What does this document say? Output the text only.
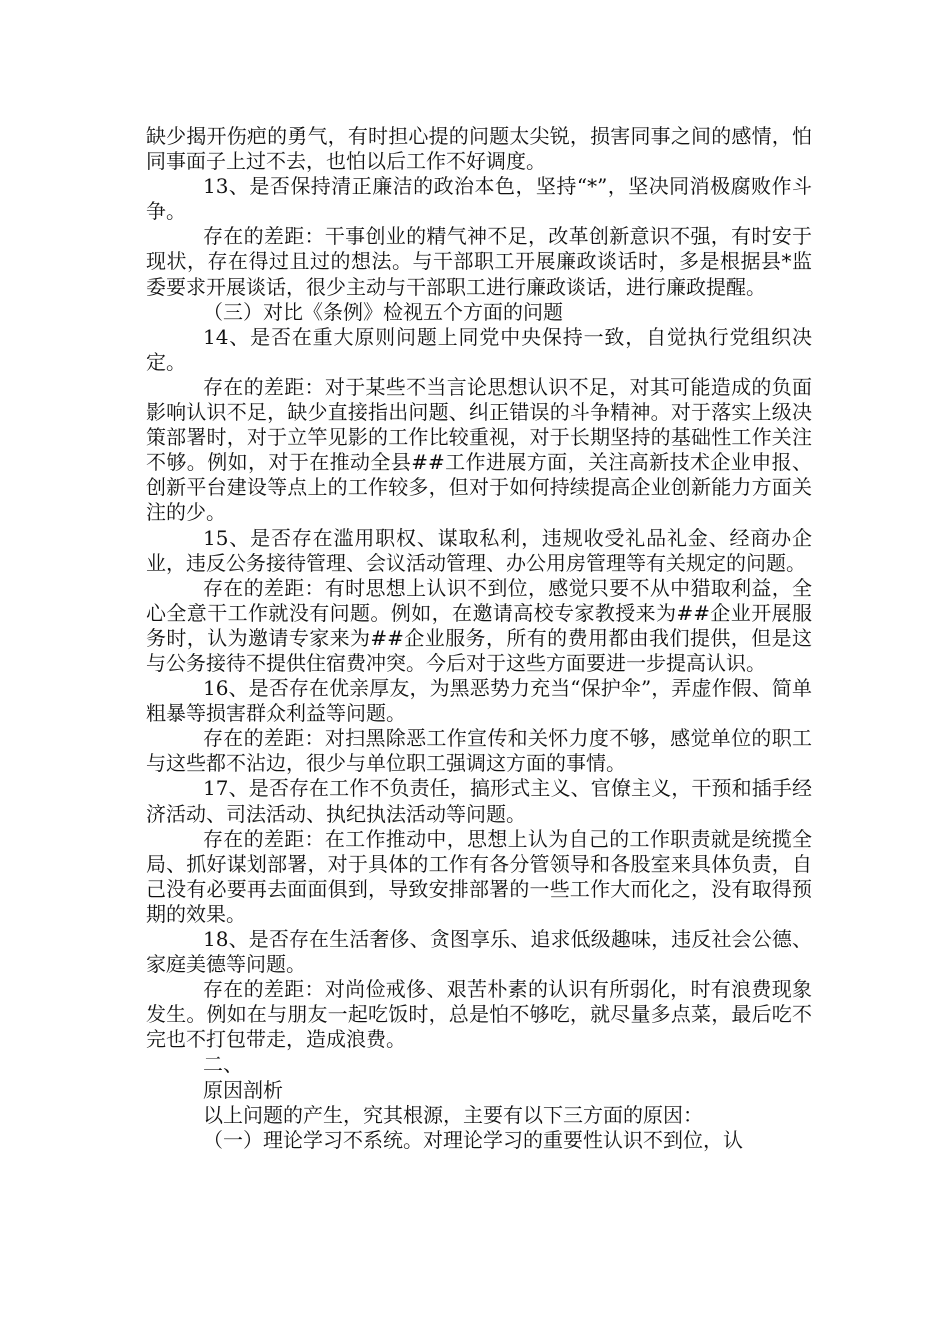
缺少揭开伤疤的勇气，有时担心提的问题太尖锐，损害同事之间的感情，怕同事面子上过不去，也怕以后工作不好调度。

13、是否保持清正廉洁的政治本色，坚持“*”，坚决同消极腐败作斗争。

存在的差距：干事创业的精气神不足，改革创新意识不强，有时安于现状，存在得过且过的想法。与干部职工开展廉政谈话时，多是根据县*监委要求开展谈话，很少主动与干部职工进行廉政谈话，进行廉政提醒。

（三）对比《条例》检视五个方面的问题

14、是否在重大原则问题上同党中央保持一致，自觉执行党组织决定。

存在的差距：对于某些不当言论思想认识不足，对其可能造成的负面影响认识不足，缺少直接指出问题、纠正错误的斗争精神。对于落实上级决策部署时，对于立竿见影的工作比较重视，对于长期坚持的基础性工作关注不够。例如，对于在推动全县##工作进展方面，关注高新技术企业申报、创新平台建设等点上的工作较多，但对于如何持续提高企业创新能力方面关注的少。

15、是否存在滥用职权、谋取私利，违规收受礼品礼金、经商办企业，违反公务接待管理、会议活动管理、办公用房管理等有关规定的问题。

存在的差距：有时思想上认识不到位，感觉只要不从中猎取利益，全心全意干工作就没有问题。例如，在邀请高校专家教授来为##企业开展服务时，认为邀请专家来为##企业服务，所有的费用都由我们提供，但是这与公务接待不提供住宿费冲突。今后对于这些方面要进一步提高认识。

16、是否存在优亲厚友，为黑恶势力充当“保护伞”，弄虚作假、简单粗暴等损害群众利益等问题。

存在的差距：对扫黑除恶工作宣传和关怀力度不够，感觉单位的职工与这些都不沾边，很少与单位职工强调这方面的事情。

17、是否存在工作不负责任，搞形式主义、官僚主义，干预和插手经济活动、司法活动、执纪执法活动等问题。

存在的差距：在工作推动中，思想上认为自己的工作职责就是统揽全局、抓好谋划部署，对于具体的工作有各分管领导和各股室来具体负责，自己没有必要再去面面俱到，导致安排部署的一些工作大而化之，没有取得预期的效果。

18、是否存在生活奢侈、贪图享乐、追求低级趣味，违反社会公德、家庭美德等问题。

存在的差距：对尚俭戒侈、艰苦朴素的认识有所弱化，时有浪费现象发生。例如在与朋友一起吃饭时，总是怕不够吃，就尽量多点菜，最后吃不完也不打包带走，造成浪费。

二、

原因剖析

以上问题的产生，究其根源，主要有以下三方面的原因：

（一）理论学习不系统。对理论学习的重要性认识不到位，认
